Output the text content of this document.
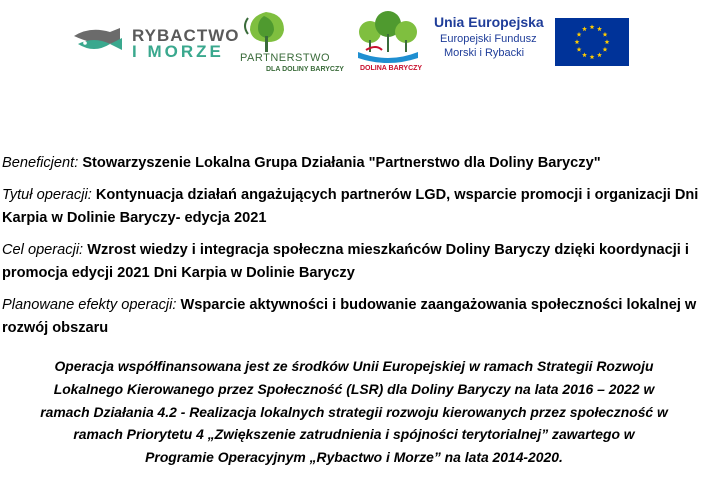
RYBACTWO
I MORZE	PARTNERSTWO
DLA DOLINY BARYCZY DOLINA BARYCZY
Unia Europejska
Europejski Fundusz
Morski i Rybacki

Beneficjent: Stowarzyszenie Lokalna Grupa Działania "Partnerstwo dla Doliny Baryczy"

Tytuł operacji: Kontynuacja działań angażujących partnerów LGD, wsparcie promocji i organizacji Dni Karpia w Dolinie Baryczy- edycja 2021

Cel operacji: Wzrost wiedzy i integracja społeczna mieszkańców Doliny Baryczy dzięki koordynacji i promocja edycji 2021 Dni Karpia w Dolinie Baryczy

Planowane efekty operacji: Wsparcie aktywności i budowanie zaangażowania społeczności lokalnej w rozwój obszaru

Operacja współfinansowana jest ze środków Unii Europejskiej w ramach Strategii Rozwoju
Lokalnego Kierowanego przez Społeczność (LSR) dla Doliny Baryczy na lata 2016 – 2022 w
ramach Działania 4.2 - Realizacja lokalnych strategii rozwoju kierowanych przez społeczność w
ramach Priorytetu 4 „Zwiększenie zatrudnienia i spójności terytorialnej” zawartego w
Programie Operacyjnym „Rybactwo i Morze” na lata 2014-2020.
